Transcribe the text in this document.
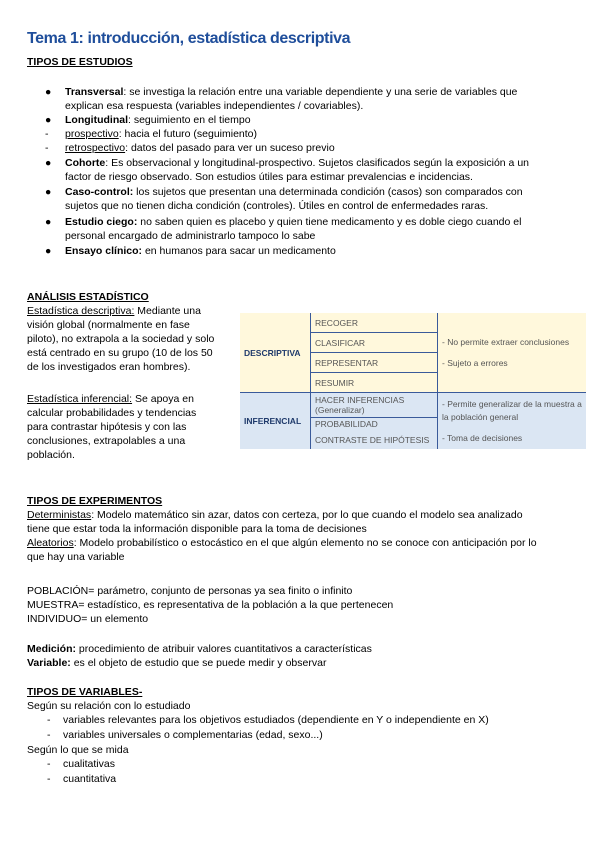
Tema 1: introducción, estadística descriptiva
TIPOS DE ESTUDIOS
● Transversal: se investiga la relación entre una variable dependiente y una serie de variables que
explican esa respuesta (variables independientes / covariables).
● Longitudinal: seguimiento en el tiempo
- prospectivo: hacia el futuro (seguimiento)
- retrospectivo: datos del pasado para ver un suceso previo
● Cohorte: Es observacional y longitudinal-prospectivo. Sujetos clasificados según la exposición a un
factor de riesgo observado. Son estudios útiles para estimar prevalencias e incidencias.
● Caso-control: los sujetos que presentan una determinada condición (casos) son comparados con
sujetos que no tienen dicha condición (controles). Útiles en control de enfermedades raras.
● Estudio ciego: no saben quien es placebo y quien tiene medicamento y es doble ciego cuando el
personal encargado de administrarlo tampoco lo sabe
● Ensayo clínico: en humanos para sacar un medicamento
ANÁLISIS ESTADÍSTICO
Estadística descriptiva: Mediante una
visión global (normalmente en fase
piloto), no extrapola a la sociedad y solo
está centrado en su grupo (10 de los 50
de los investigados eran hombres).
Estadística inferencial: Se apoya en
calcular probabilidades y tendencias
para contrastar hipótesis y con las
conclusiones, extrapolables a una
población.
DESCRIPTIVA	RECOGER	- No permite extraer conclusiones
- Sujeto a errores

	CLASIFICAR	
	REPRESENTAR	
	RESUMIR	
INFERENCIAL	HACER INFERENCIAS (Generalizar)	- Permite generalizar de la muestra a la población general
- Toma de decisiones

	PROBABILIDAD	
	CONTRASTE DE HIPÓTESIS	
TIPOS DE EXPERIMENTOS
Deterministas: Modelo matemático sin azar, datos con certeza, por lo que cuando el modelo sea analizado
tiene que estar toda la información disponible para la toma de decisiones
Aleatorios: Modelo probabilístico o estocástico en el que algún elemento no se conoce con anticipación por lo
que hay una variable
POBLACIÓN= parámetro, conjunto de personas ya sea finito o infinito
MUESTRA= estadístico, es representativa de la población a la que pertenecen
INDIVIDUO= un elemento
Medición: procedimiento de atribuir valores cuantitativos a características
Variable: es el objeto de estudio que se puede medir y observar
TIPOS DE VARIABLES-
Según su relación con lo estudiado
- variables relevantes para los objetivos estudiados (dependiente en Y o independiente en X)
- variables universales o complementarias (edad, sexo...)
Según lo que se mida
- cualitativas
- cuantitativa
